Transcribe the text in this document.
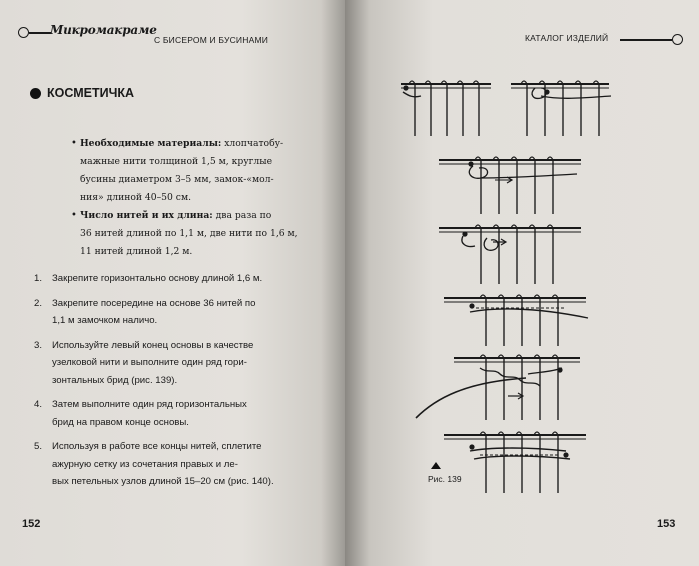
Микромакраме
С БИСЕРОМ И БУСИНАМИ
КОСМЕТИЧКА
• Необходимые материалы: хлопчатобу-
мажные нити толщиной 1,5 м, круглые
бусины диаметром 3–5 мм, замок-«мол-
ния» длиной 40–50 см.
• Число нитей и их длина: два раза по
36 нитей длиной по 1,1 м, две нити по 1,6 м,
11 нитей длиной 1,2 м.
1. Закрепите горизонтально основу длиной 1,6 м.
2. Закрепите посередине на основе 36 нитей по
1,1 м замочком наличо.
3. Используйте левый конец основы в качестве
узелковой нити и выполните один ряд гори-
зонтальных брид (рис. 139).
4. Затем выполните один ряд горизонтальных
брид на правом конце основы.
5. Используя в работе все концы нитей, сплетите
ажурную сетку из сочетания правых и ле-
вых петельных узлов длиной 15–20 см (рис. 140).
152
КАТАЛОГ ИЗДЕЛИЙ
Рис. 139
153
